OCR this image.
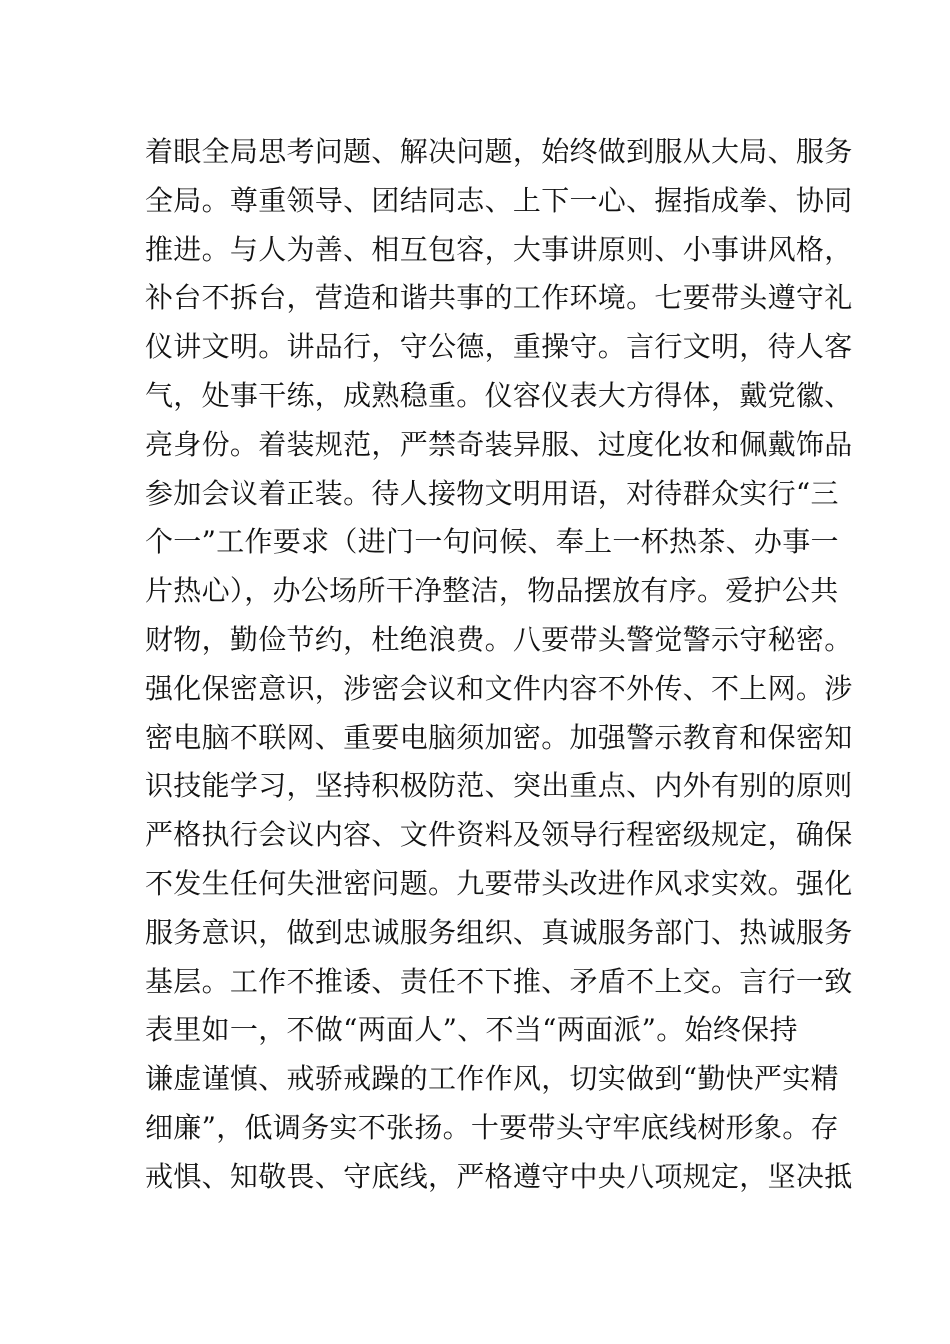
着眼全局思考问题、解决问题，始终做到服从大局、服务
全局。尊重领导、团结同志、上下一心、握指成拳、协同
推进。与人为善、相互包容，大事讲原则、小事讲风格，
补台不拆台，营造和谐共事的工作环境。七要带头遵守礼
仪讲文明。讲品行，守公德，重操守。言行文明，待人客
气，处事干练，成熟稳重。仪容仪表大方得体，戴党徽、
亮身份。着装规范，严禁奇装异服、过度化妆和佩戴饰品
参加会议着正装。待人接物文明用语，对待群众实行“三
个一”工作要求（进门一句问候、奉上一杯热茶、办事一
片热心），办公场所干净整洁，物品摆放有序。爱护公共
财物，勤俭节约，杜绝浪费。八要带头警觉警示守秘密。
强化保密意识，涉密会议和文件内容不外传、不上网。涉
密电脑不联网、重要电脑须加密。加强警示教育和保密知
识技能学习，坚持积极防范、突出重点、内外有别的原则
严格执行会议内容、文件资料及领导行程密级规定，确保
不发生任何失泄密问题。九要带头改进作风求实效。强化
服务意识，做到忠诚服务组织、真诚服务部门、热诚服务
基层。工作不推诿、责任不下推、矛盾不上交。言行一致
表里如一，不做“两面人”、不当“两面派”。始终保持
谦虚谨慎、戒骄戒躁的工作作风，切实做到“勤快严实精
细廉”，低调务实不张扬。十要带头守牢底线树形象。存
戒惧、知敬畏、守底线，严格遵守中央八项规定，坚决抵
